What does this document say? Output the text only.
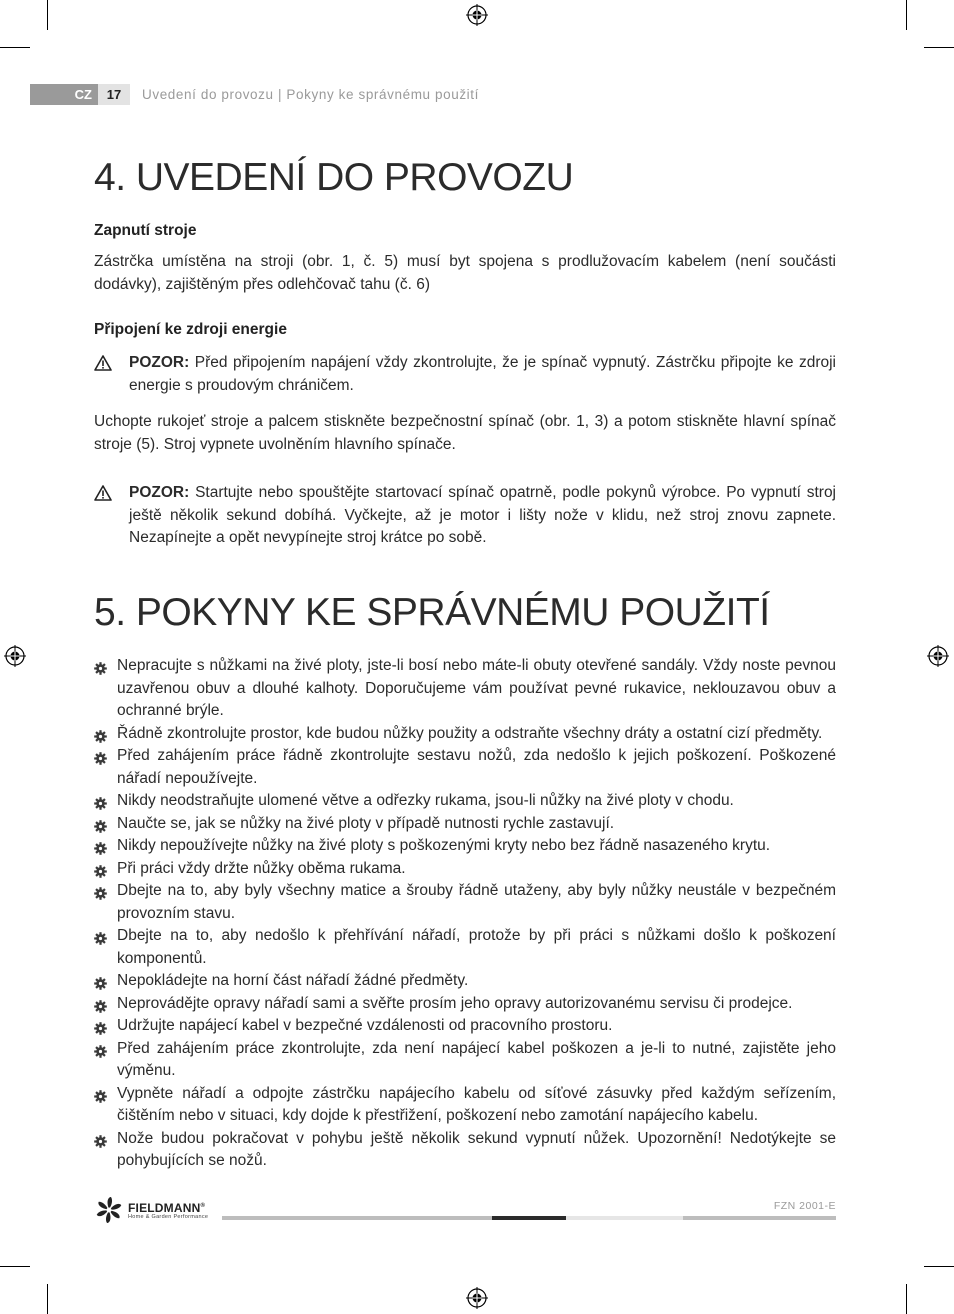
CZ	17	Uvedení do provozu | Pokyny ke správnému použití
4. UVEDENÍ DO PROVOZU
Zapnutí stroje

Zástrčka umístěna na stroji (obr. 1, č. 5) musí byt spojena s prodlužovacím kabelem (není součásti dodávky), zajištěným přes odlehčovač tahu (č. 6)

Připojení ke zdroji energie
POZOR: Před připojením napájení vždy zkontrolujte, že je spínač vypnutý. Zástrčku připojte ke zdroji energie s proudovým chráničem.

Uchopte rukojeť stroje a palcem stiskněte bezpečnostní spínač (obr. 1, 3) a potom stiskněte hlavní spínač stroje (5). Stroj vypnete uvolněním hlavního spínače.

POZOR: Startujte nebo spouštějte startovací spínač opatrně, podle pokynů výrobce. Po vypnutí stroj ještě několik sekund dobíhá. Vyčkejte, až je motor i lišty nože v klidu, než stroj znovu zapnete. Nezapínejte a opět nevypínejte stroj krátce po sobě.
5. POKYNY KE SPRÁVNÉMU POUŽITÍ
Nepracujte s nůžkami na živé ploty, jste-li bosí nebo máte-li obuty otevřené sandály. Vždy noste pevnou uzavřenou obuv a dlouhé kalhoty. Doporučujeme vám používat pevné rukavice, neklouzavou obuv a ochranné brýle.
Řádně zkontrolujte prostor, kde budou nůžky použity a odstraňte všechny dráty a ostatní cizí předměty.
Před zahájením práce řádně zkontrolujte sestavu nožů, zda nedošlo k jejich poškození. Poškozené nářadí nepoužívejte.
Nikdy neodstraňujte ulomené větve a odřezky rukama, jsou-li nůžky na živé ploty v chodu.
Naučte se, jak se nůžky na živé ploty v případě nutnosti rychle zastavují.
Nikdy nepoužívejte nůžky na živé ploty s poškozenými kryty nebo bez řádně nasazeného krytu.
Při práci vždy držte nůžky oběma rukama.
Dbejte na to, aby byly všechny matice a šrouby řádně utaženy, aby byly nůžky neustále v bezpečném provozním stavu.
Dbejte na to, aby nedošlo k přehřívání nářadí, protože by při práci s nůžkami došlo k poškození komponentů.
Nepokládejte na horní část nářadí žádné předměty.
Neprovádějte opravy nářadí sami a svěřte prosím jeho opravy autorizovanému servisu či prodejce.
Udržujte napájecí kabel v bezpečné vzdálenosti od pracovního prostoru.
Před zahájením práce zkontrolujte, zda není napájecí kabel poškozen a je-li to nutné, zajistěte jeho výměnu.
Vypněte nářadí a odpojte zástrčku napájecího kabelu od síťové zásuvky před každým seřízením, čištěním nebo v situaci, kdy dojde k přestřižení, poškození nebo zamotání napájecího kabelu.
Nože budou pokračovat v pohybu ještě několik sekund vypnutí nůžek. Upozornění! Nedotýkejte se pohybujících se nožů.
FIELDMANN®
Home & Garden Performance
FZN 2001-E
